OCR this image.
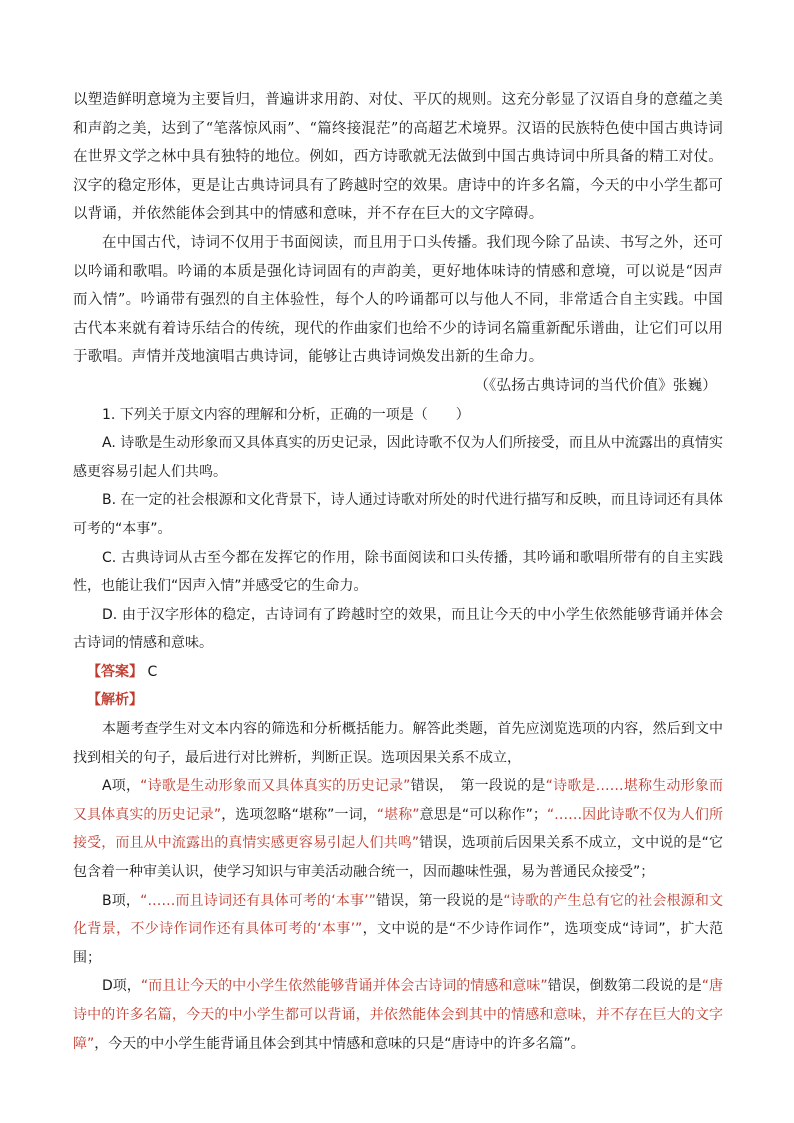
以塑造鲜明意境为主要旨归，普遍讲求用韵、对仗、平仄的规则。这充分彰显了汉语自身的意蕴之美和声韵之美，达到了“笔落惊风雨”、“篇终接混茫”的高超艺术境界。汉语的民族特色使中国古典诗词在世界文学之林中具有独特的地位。例如，西方诗歌就无法做到中国古典诗词中所具备的精工对仗。汉字的稳定形体，更是让古典诗词具有了跨越时空的效果。唐诗中的许多名篇，今天的中小学生都可以背诵，并依然能体会到其中的情感和意味，并不存在巨大的文字障碍。

在中国古代，诗词不仅用于书面阅读，而且用于口头传播。我们现今除了品读、书写之外，还可以吟诵和歌唱。吟诵的本质是强化诗词固有的声韵美，更好地体味诗的情感和意境，可以说是“因声而入情”。吟诵带有强烈的自主体验性，每个人的吟诵都可以与他人不同，非常适合自主实践。中国古代本来就有着诗乐结合的传统，现代的作曲家们也给不少的诗词名篇重新配乐谱曲，让它们可以用于歌唱。声情并茂地演唱古典诗词，能够让古典诗词焕发出新的生命力。

（《弘扬古典诗词的当代价值》张巍）

1. 下列关于原文内容的理解和分析，正确的一项是（　　）

A. 诗歌是生动形象而又具体真实的历史记录，因此诗歌不仅为人们所接受，而且从中流露出的真情实感更容易引起人们共鸣。

B. 在一定的社会根源和文化背景下，诗人通过诗歌对所处的时代进行描写和反映，而且诗词还有具体可考的“本事”。

C. 古典诗词从古至今都在发挥它的作用，除书面阅读和口头传播，其吟诵和歌唱所带有的自主实践性，也能让我们“因声入情”并感受它的生命力。

D. 由于汉字形体的稳定，古诗词有了跨越时空的效果，而且让今天的中小学生依然能够背诵并体会古诗词的情感和意味。

【答案】 C

【解析】

本题考查学生对文本内容的筛选和分析概括能力。解答此类题，首先应浏览选项的内容，然后到文中找到相关的句子，最后进行对比辨析，判断正误。选项因果关系不成立，

A项，“诗歌是生动形象而又具体真实的历史记录”错误，　第一段说的是“诗歌是……堪称生动形象而又具体真实的历史记录”，选项忽略“堪称”一词，“堪称”意思是“可以称作”；“……因此诗歌不仅为人们所接受，而且从中流露出的真情实感更容易引起人们共鸣”错误，选项前后因果关系不成立，文中说的是“它包含着一种审美认识，使学习知识与审美活动融合统一，因而趣味性强，易为普通民众接受”；

B项，“……而且诗词还有具体可考的‘本事’”错误，第一段说的是“诗歌的产生总有它的社会根源和文化背景，不少诗作词作还有具体可考的‘本事’”，文中说的是“不少诗作词作”，选项变成“诗词”，扩大范围；

D项，“而且让今天的中小学生依然能够背诵并体会古诗词的情感和意味”错误，倒数第二段说的是“唐诗中的许多名篇，今天的中小学生都可以背诵，并依然能体会到其中的情感和意味，并不存在巨大的文字障”，今天的中小学生能背诵且体会到其中情感和意味的只是“唐诗中的许多名篇”。
